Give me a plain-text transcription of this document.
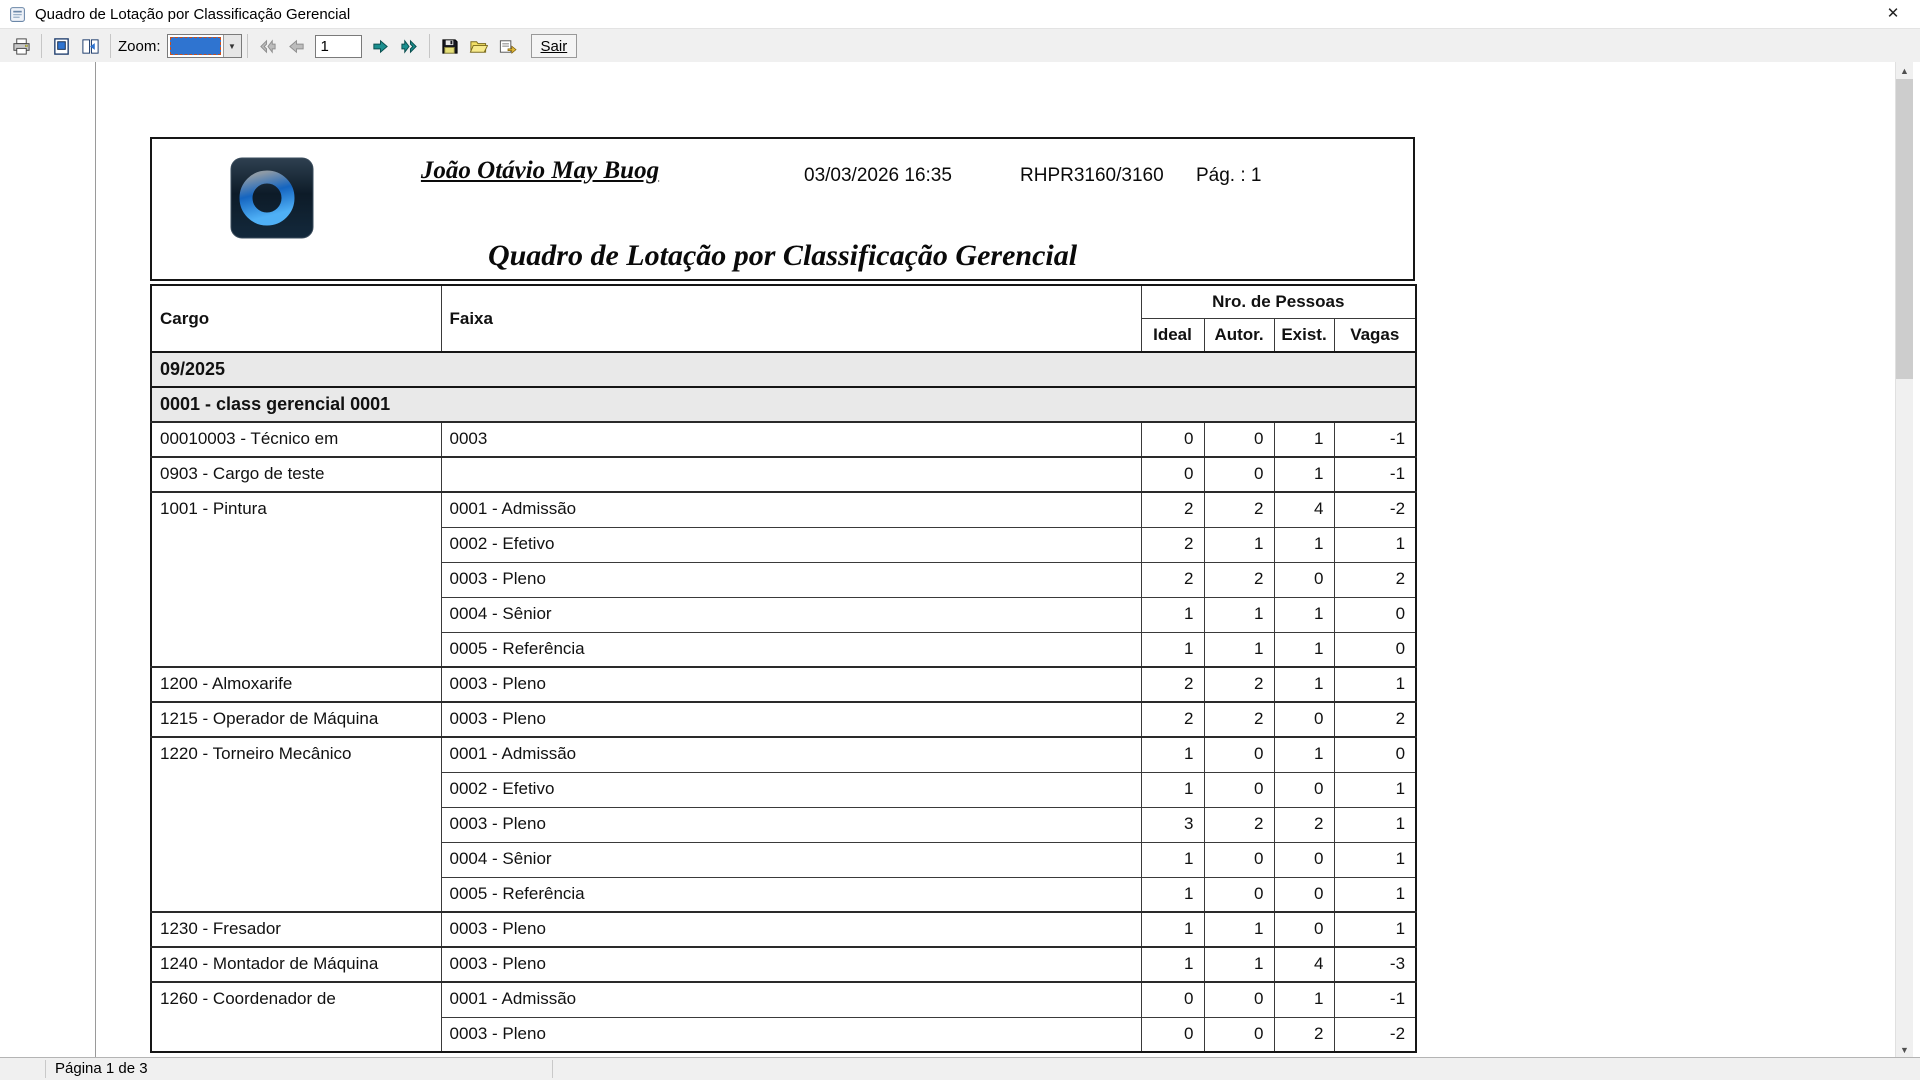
Quadro de Lotação por Classificação Gerencial	✕
Zoom:	▼
1	Sair
João Otávio May Buog	03/03/2026 16:35	RHPR3160/3160 Pág. : 1
Quadro de Lotação por Classificação Gerencial
Cargo	Faixa	Nro. de Pessoas			
		Ideal	Autor.	Exist.	Vagas
09/2025					
0001 - class gerencial 0001					
00010003 - Técnico em	0003	0	0	1	-1
0903 - Cargo de teste		0	0	1	-1
1001 - Pintura	0001 - Admissão	2	2	4	-2
	0002 - Efetivo	2	1	1	1
	0003 - Pleno	2	2	0	2
	0004 - Sênior	1	1	1	0
	0005 - Referência	1	1	1	0
1200 - Almoxarife	0003 - Pleno	2	2	1	1
1215 - Operador de Máquina	0003 - Pleno	2	2	0	2
1220 - Torneiro Mecânico	0001 - Admissão	1	0	1	0
	0002 - Efetivo	1	0	0	1
	0003 - Pleno	3	2	2	1
	0004 - Sênior	1	0	0	1
	0005 - Referência	1	0	0	1
1230 - Fresador	0003 - Pleno	1	1	0	1
1240 - Montador de Máquina	0003 - Pleno	1	1	4	-3
1260 - Coordenador de	0001 - Admissão	0	0	1	-1
	0003 - Pleno	0	0	2	-2
▲
▼
Página 1 de 3
